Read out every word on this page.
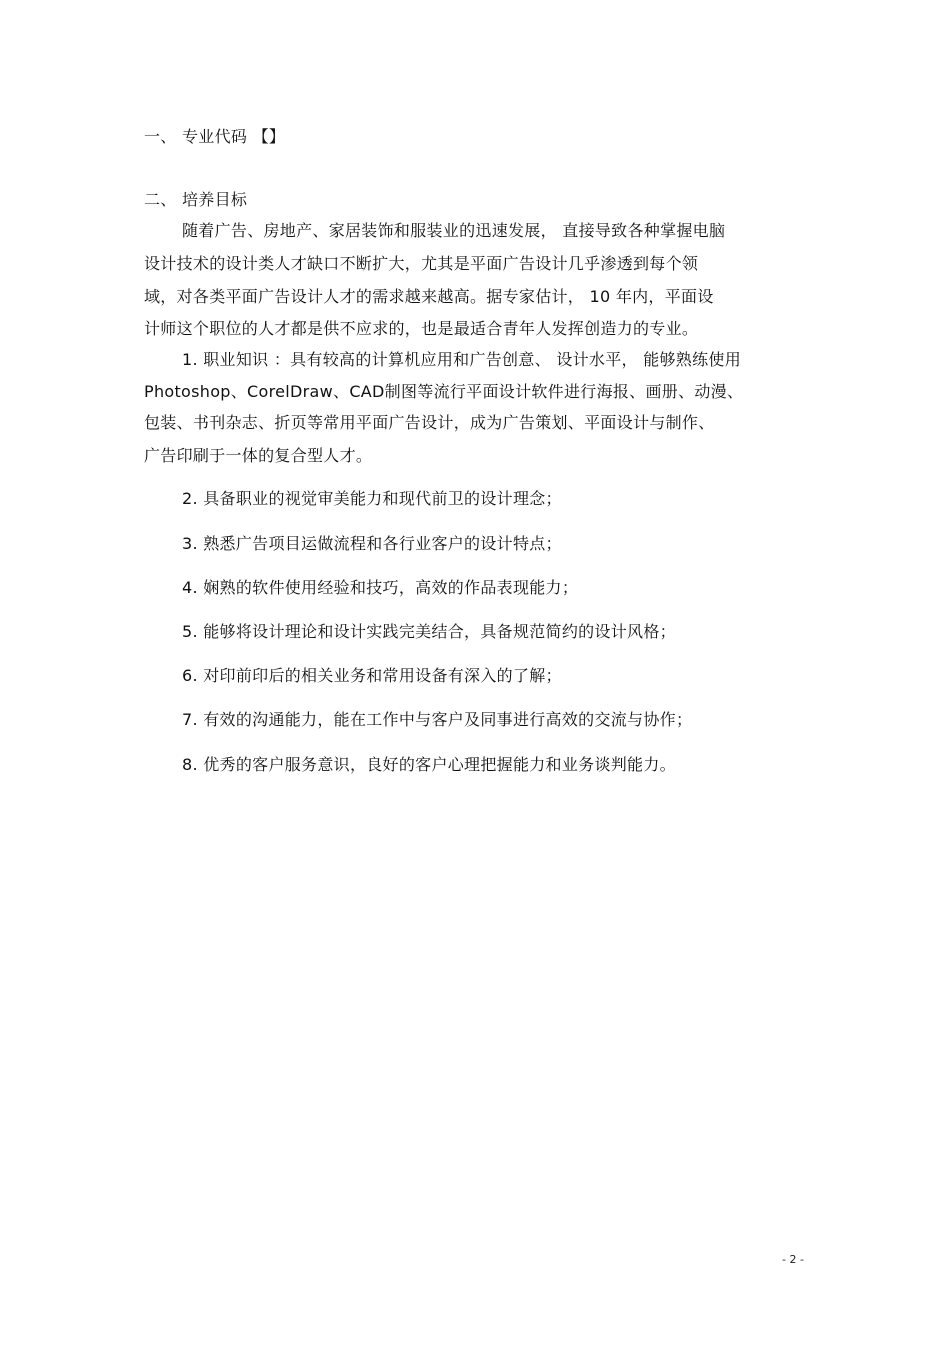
一、 专业代码 【】
二、 培养目标
随着广告、房地产、家居装饰和服装业的迅速发展， 直接导致各种掌握电脑
设计技术的设计类人才缺口不断扩大，尤其是平面广告设计几乎渗透到每个领
域，对各类平面广告设计人才的需求越来越高。据专家估计， 10 年内，平面设
计师这个职位的人才都是供不应求的，也是最适合青年人发挥创造力的专业。
1. 职业知识 ：具有较高的计算机应用和广告创意、 设计水平， 能够熟练使用
Photoshop、CorelDraw、CAD制图等流行平面设计软件进行海报、画册、动漫、
包装、书刊杂志、折页等常用平面广告设计，成为广告策划、平面设计与制作、
广告印刷于一体的复合型人才。
2. 具备职业的视觉审美能力和现代前卫的设计理念；
3. 熟悉广告项目运做流程和各行业客户的设计特点；
4. 娴熟的软件使用经验和技巧，高效的作品表现能力；
5. 能够将设计理论和设计实践完美结合，具备规范简约的设计风格；
6. 对印前印后的相关业务和常用设备有深入的了解；
7. 有效的沟通能力，能在工作中与客户及同事进行高效的交流与协作；
8. 优秀的客户服务意识，良好的客户心理把握能力和业务谈判能力。
- 2 -
